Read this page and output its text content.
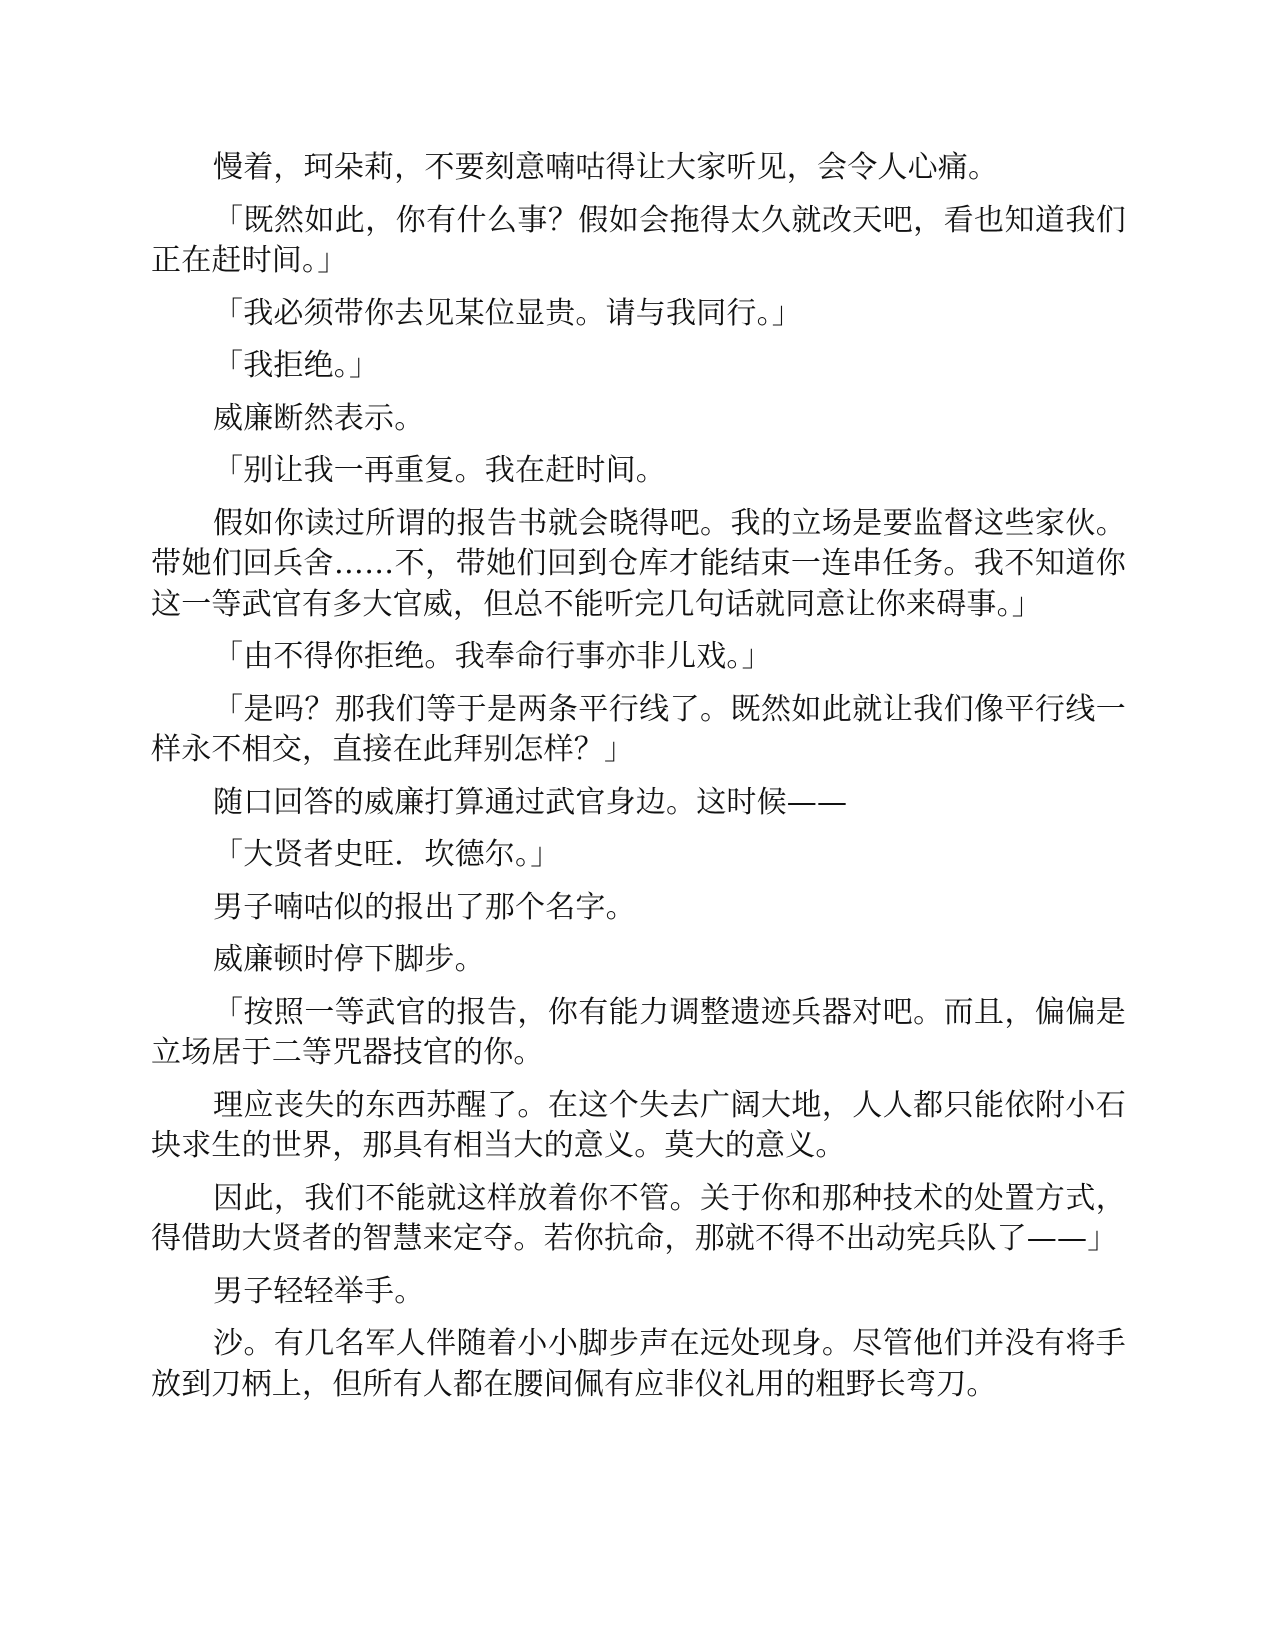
慢着，珂朵莉，不要刻意喃咕得让大家听见，会令人心痛。

「既然如此，你有什么事？假如会拖得太久就改天吧，看也知道我们正在赶时间。」

「我必须带你去见某位显贵。请与我同行。」

「我拒绝。」

威廉断然表示。

「别让我一再重复。我在赶时间。

假如你读过所谓的报告书就会晓得吧。我的立场是要监督这些家伙。带她们回兵舍……不，带她们回到仓库才能结束一连串任务。我不知道你这一等武官有多大官威，但总不能听完几句话就同意让你来碍事。」

「由不得你拒绝。我奉命行事亦非儿戏。」

「是吗？那我们等于是两条平行线了。既然如此就让我们像平行线一样永不相交，直接在此拜别怎样？」

随口回答的威廉打算通过武官身边。这时候——

「大贤者史旺．坎德尔。」

男子喃咕似的报出了那个名字。

威廉顿时停下脚步。

「按照一等武官的报告，你有能力调整遗迹兵器对吧。而且，偏偏是立场居于二等咒器技官的你。

理应丧失的东西苏醒了。在这个失去广阔大地，人人都只能依附小石块求生的世界，那具有相当大的意义。莫大的意义。

因此，我们不能就这样放着你不管。关于你和那种技术的处置方式，得借助大贤者的智慧来定夺。若你抗命，那就不得不出动宪兵队了——」

男子轻轻举手。

沙。有几名军人伴随着小小脚步声在远处现身。尽管他们并没有将手放到刀柄上，但所有人都在腰间佩有应非仪礼用的粗野长弯刀。
